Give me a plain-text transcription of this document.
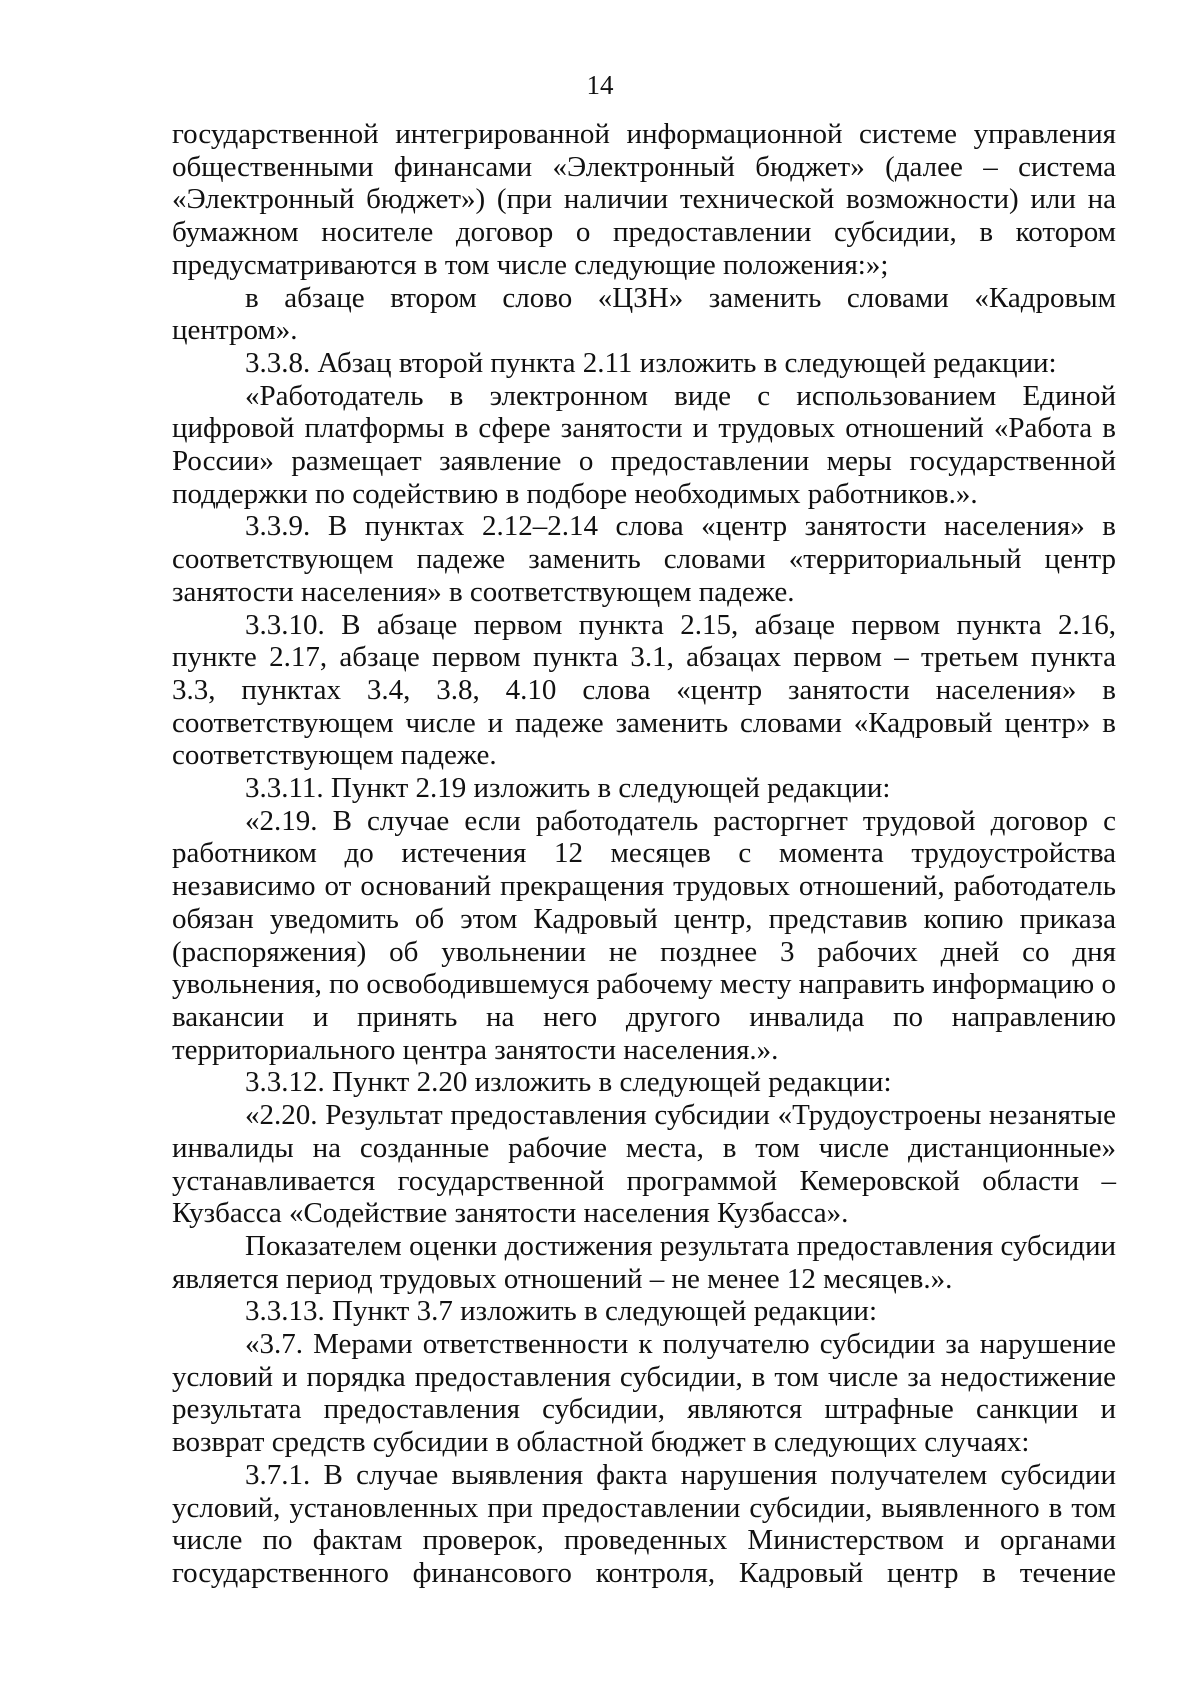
14

государственной интегрированной информационной системе управления общественными финансами «Электронный бюджет» (далее – система «Электронный бюджет») (при наличии технической возможности) или на бумажном носителе договор о предоставлении субсидии, в котором предусматриваются в том числе следующие положения:»;

в абзаце втором слово «ЦЗН» заменить словами «Кадровым центром».

3.3.8. Абзац второй пункта 2.11 изложить в следующей редакции:

«Работодатель в электронном виде с использованием Единой цифровой платформы в сфере занятости и трудовых отношений «Работа в России» размещает заявление о предоставлении меры государственной поддержки по содействию в подборе необходимых работников.».

3.3.9. В пунктах 2.12–2.14 слова «центр занятости населения» в соответствующем падеже заменить словами «территориальный центр занятости населения» в соответствующем падеже.

3.3.10. В абзаце первом пункта 2.15, абзаце первом пункта 2.16, пункте 2.17, абзаце первом пункта 3.1, абзацах первом – третьем пункта 3.3, пунктах 3.4, 3.8, 4.10 слова «центр занятости населения» в соответствующем числе и падеже заменить словами «Кадровый центр» в соответствующем падеже.

3.3.11. Пункт 2.19 изложить в следующей редакции:

«2.19. В случае если работодатель расторгнет трудовой договор с работником до истечения 12 месяцев с момента трудоустройства независимо от оснований прекращения трудовых отношений, работодатель обязан уведомить об этом Кадровый центр, представив копию приказа (распоряжения) об увольнении не позднее 3 рабочих дней со дня увольнения, по освободившемуся рабочему месту направить информацию о вакансии и принять на него другого инвалида по направлению территориального центра занятости населения.».

3.3.12. Пункт 2.20 изложить в следующей редакции:

«2.20. Результат предоставления субсидии «Трудоустроены незанятые инвалиды на созданные рабочие места, в том числе дистанционные» устанавливается государственной программой Кемеровской области – Кузбасса «Содействие занятости населения Кузбасса».

Показателем оценки достижения результата предоставления субсидии является период трудовых отношений – не менее 12 месяцев.».

3.3.13. Пункт 3.7 изложить в следующей редакции:

«3.7. Мерами ответственности к получателю субсидии за нарушение условий и порядка предоставления субсидии, в том числе за недостижение результата предоставления субсидии, являются штрафные санкции и возврат средств субсидии в областной бюджет в следующих случаях:

3.7.1. В случае выявления факта нарушения получателем субсидии условий, установленных при предоставлении субсидии, выявленного в том числе по фактам проверок, проведенных Министерством и органами государственного финансового контроля, Кадровый центр в течение
